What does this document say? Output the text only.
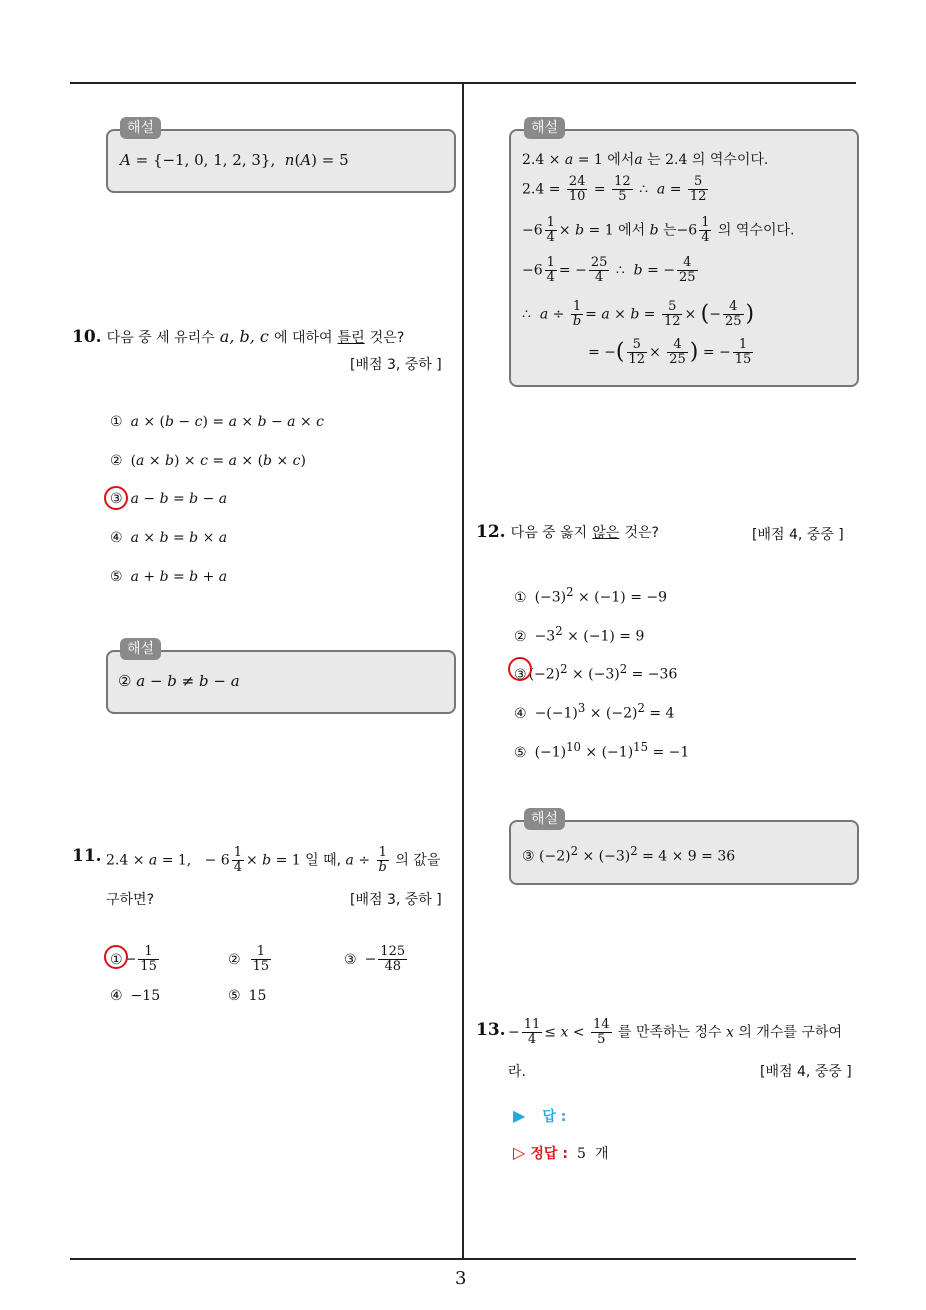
3
해설
A = {−1, 0, 1, 2, 3},  n(A) = 5
10. 다음 중 세 유리수 a, b, c 에 대하여 틀린 것은?
[배점 3, 중하 ]
① a × (b − c) = a × b − a × c
② (a × b) × c = a × (b × c)
③ a − b = b − a
④ a × b = b × a
⑤ a + b = b + a
해설
② a − b ≠ b − a
11. 2.4 × a = 1,   − $6 \frac{1}{4} \times b = 1$ 일 때, $a \div \frac{1}{b}$ 의 값을
구하면?	[배점 3, 중하 ]
① − $\frac{1}{15}$	② $\frac{1}{15}$	③ − $\frac{125}{48}$
④ −15	⑤ 15
해설
2.4 × a = 1 에서a 는 2.4 의 역수이다.
$2.4 = \frac{24}{10} = \frac{12}{5}$ ∴  $a = \frac{5}{12}$
$-6 \frac{1}{4} \times b = 1$ 에서 b 는$-6 \frac{1}{4}$ 의 역수이다.
$-6 \frac{1}{4}$ = − $\frac{25}{4}$ ∴  b = − $\frac{4}{25}$
∴  $a \div \frac{1}{b} = a \times b = \frac{5}{12}$ × (− $\frac{4}{25}$ )
= −( $\frac{5}{12} \times \frac{4}{25}$ ) = − $\frac{1}{15}$
12. 다음 중 옳지 않은 것은?	[배점 4, 중중 ]
① $(-3)^2 \times (-1) = -9$
② $-3^2 \times (-1) = 9$
③ $(-2)^2 \times (-3)^2 = -36$
④ $-(-1)^3 \times (-2)^2 = 4$
⑤ $(-1)^{10} \times (-1)^{15} = -1$
해설
③ $(-2)^2 \times (-3)^2 = 4 \times 9 = 36$
13. − $\frac{11}{4} \le x < \frac{14}{5}$ 를 만족하는 정수 x 의 개수를 구하여
라.	[배점 4, 중중 ]
▶ 답 :
▷ 정답 : 5 개
